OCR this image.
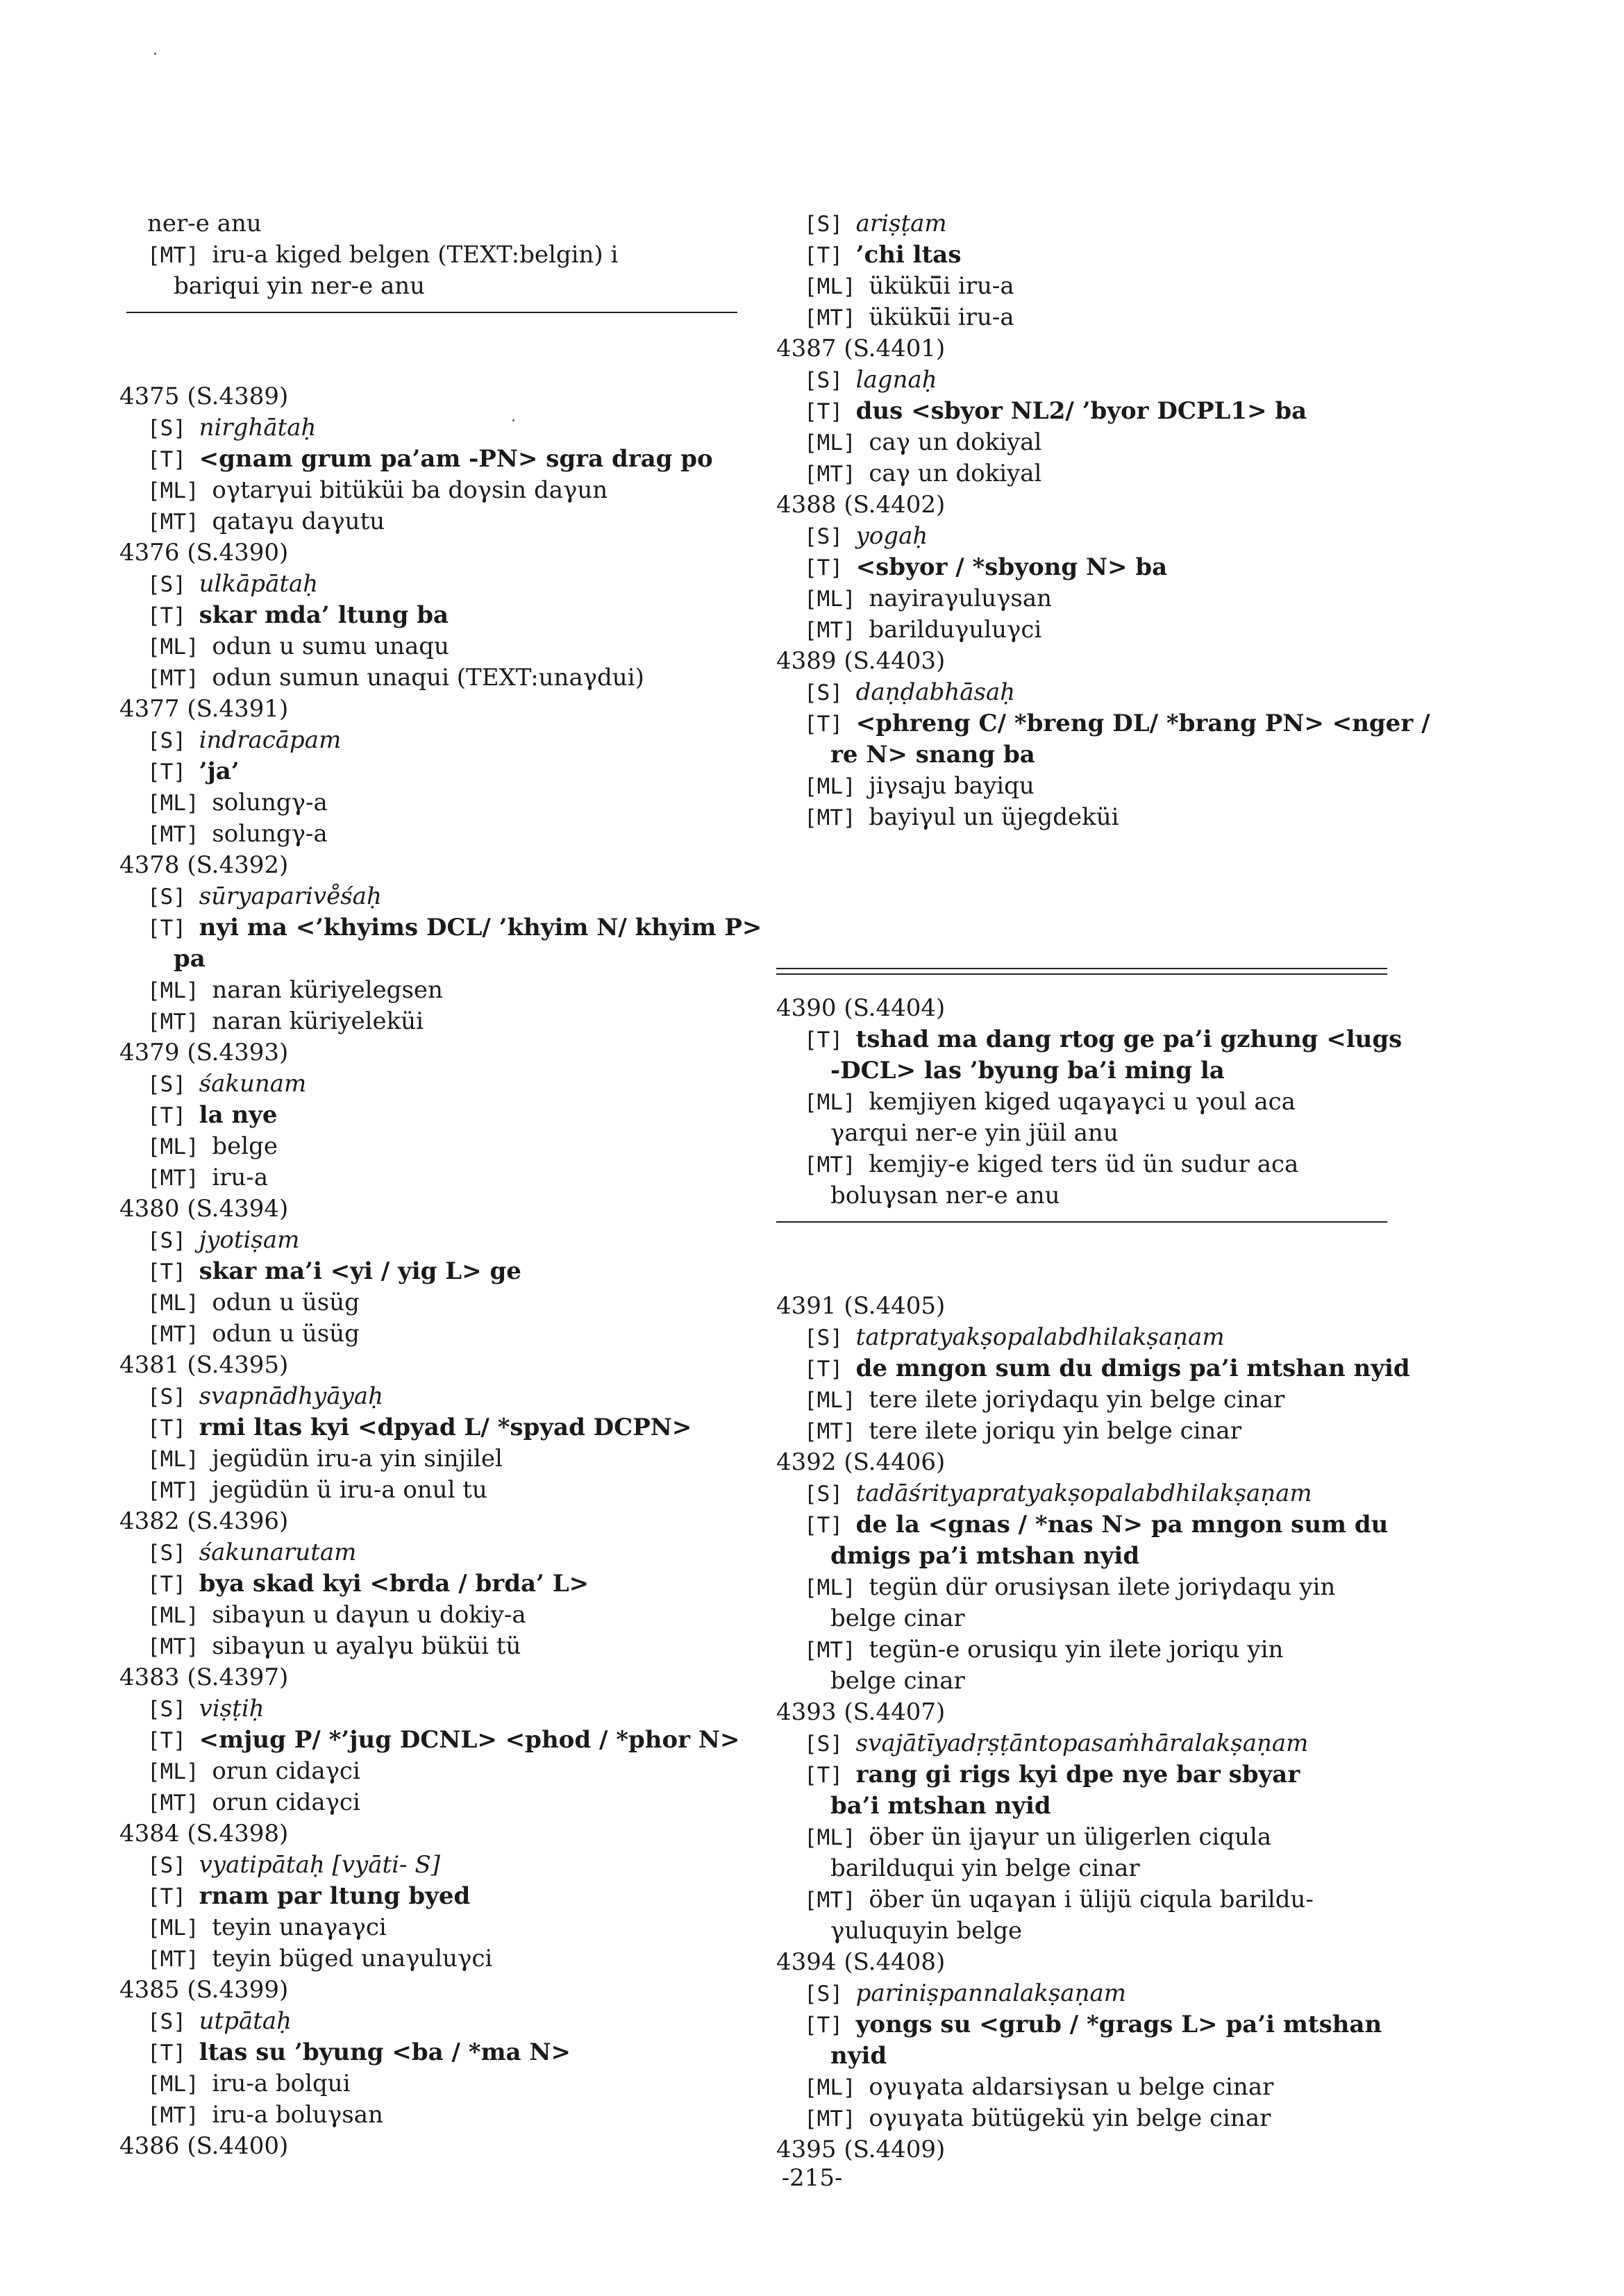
ner-e anu
[MT] iru-a kiged belgen (TEXT:belgin) i
bariqui yin ner-e anu
4375 (S.4389)
[S] nirghātaḥ
[T] <gnam grum pa’am -PN> sgra drag po
[ML] ογtarγui bitüküi ba doγsin daγun
[MT] qataγu daγutu
4376 (S.4390)
[S] ulkāpātaḥ
[T] skar mda’ ltung ba
[ML] odun u sumu unaqu
[MT] odun sumun unaqui (TEXT:unaγdui)
4377 (S.4391)
[S] indracāpam
[T] ’ja’
[ML] solungγ-a
[MT] solungγ-a
4378 (S.4392)
[S] sūryaparive̊śaḥ
[T] nyi ma <’khyims DCL/ ’khyim N/ khyim P>
pa
[ML] naran küriyelegsen
[MT] naran küriyeleküi
4379 (S.4393)
[S] śakunam
[T] la nye
[ML] belge
[MT] iru-a
4380 (S.4394)
[S] jyotiṣam
[T] skar ma’i <yi / yig L> ge
[ML] odun u üsüg
[MT] odun u üsüg
4381 (S.4395)
[S] svapnādhyāyaḥ
[T] rmi ltas kyi <dpyad L/ *spyad DCPN>
[ML] jegüdün iru-a yin sinjilel
[MT] jegüdün ü iru-a onul tu
4382 (S.4396)
[S] śakunarutam
[T] bya skad kyi <brda / brda’ L>
[ML] sibaγun u daγun u dokiy-a
[MT] sibaγun u ayalγu büküi tü
4383 (S.4397)
[S] viṣṭiḥ
[T] <mjug P/ *’jug DCNL> <phod / *phor N>
[ML] orun cidaγci
[MT] orun cidaγci
4384 (S.4398)
[S] vyatipātaḥ [vyāti- S]
[T] rnam par ltung byed
[ML] teyin unaγaγci
[MT] teyin büged unaγuluγci
4385 (S.4399)
[S] utpātaḥ
[T] ltas su ’byung <ba / *ma N>
[ML] iru-a bolqui
[MT] iru-a boluγsan
4386 (S.4400)
[S] ariṣṭam
[T] ’chi ltas
[ML] ükükü̈i iru-a
[MT] ükükü̈i iru-a
4387 (S.4401)
[S] lagnaḥ
[T] dus <sbyor NL2/ ’byor DCPL1> ba
[ML] caγ un dokiyal
[MT] caγ un dokiyal
4388 (S.4402)
[S] yogaḥ
[T] <sbyor / *sbyong N> ba
[ML] nayiraγuluγsan
[MT] barilduγuluγci
4389 (S.4403)
[S] daṇḍabhāsaḥ
[T] <phreng C/ *breng DL/ *brang PN> <nger /
re N> snang ba
[ML] jiγsaju bayiqu
[MT] bayiγul un üjegdeküi
4390 (S.4404)
[T] tshad ma dang rtog ge pa’i gzhung <lugs
-DCL> las ’byung ba’i ming la
[ML] kemjiyen kiged uqaγaγci u γoul aca
γarqui ner-e yin jüil anu
[MT] kemjiy-e kiged ters üd ün sudur aca
boluγsan ner-e anu
4391 (S.4405)
[S] tatpratyakṣopalabdhilakṣaṇam
[T] de mngon sum du dmigs pa’i mtshan nyid
[ML] tere ilete joriγdaqu yin belge cinar
[MT] tere ilete joriqu yin belge cinar
4392 (S.4406)
[S] tadāśrityapratyakṣopalabdhilakṣaṇam
[T] de la <gnas / *nas N> pa mngon sum du
dmigs pa’i mtshan nyid
[ML] tegün dür orusiγsan ilete joriγdaqu yin
belge cinar
[MT] tegün-e orusiqu yin ilete joriqu yin
belge cinar
4393 (S.4407)
[S] svajātīyadṛṣṭāntopasaṁhāralakṣaṇam
[T] rang gi rigs kyi dpe nye bar sbyar
ba’i mtshan nyid
[ML] öber ün ijaγur un üligerlen ciqula
barilduqui yin belge cinar
[MT] öber ün uqaγan i ülijü ciqula barildu-
γuluquyin belge
4394 (S.4408)
[S] pariniṣpannalakṣaṇam
[T] yongs su <grub / *grags L> pa’i mtshan
nyid
[ML] oγuγata aldarsiγsan u belge cinar
[MT] oγuγata bütügekü yin belge cinar
4395 (S.4409)
-215-
